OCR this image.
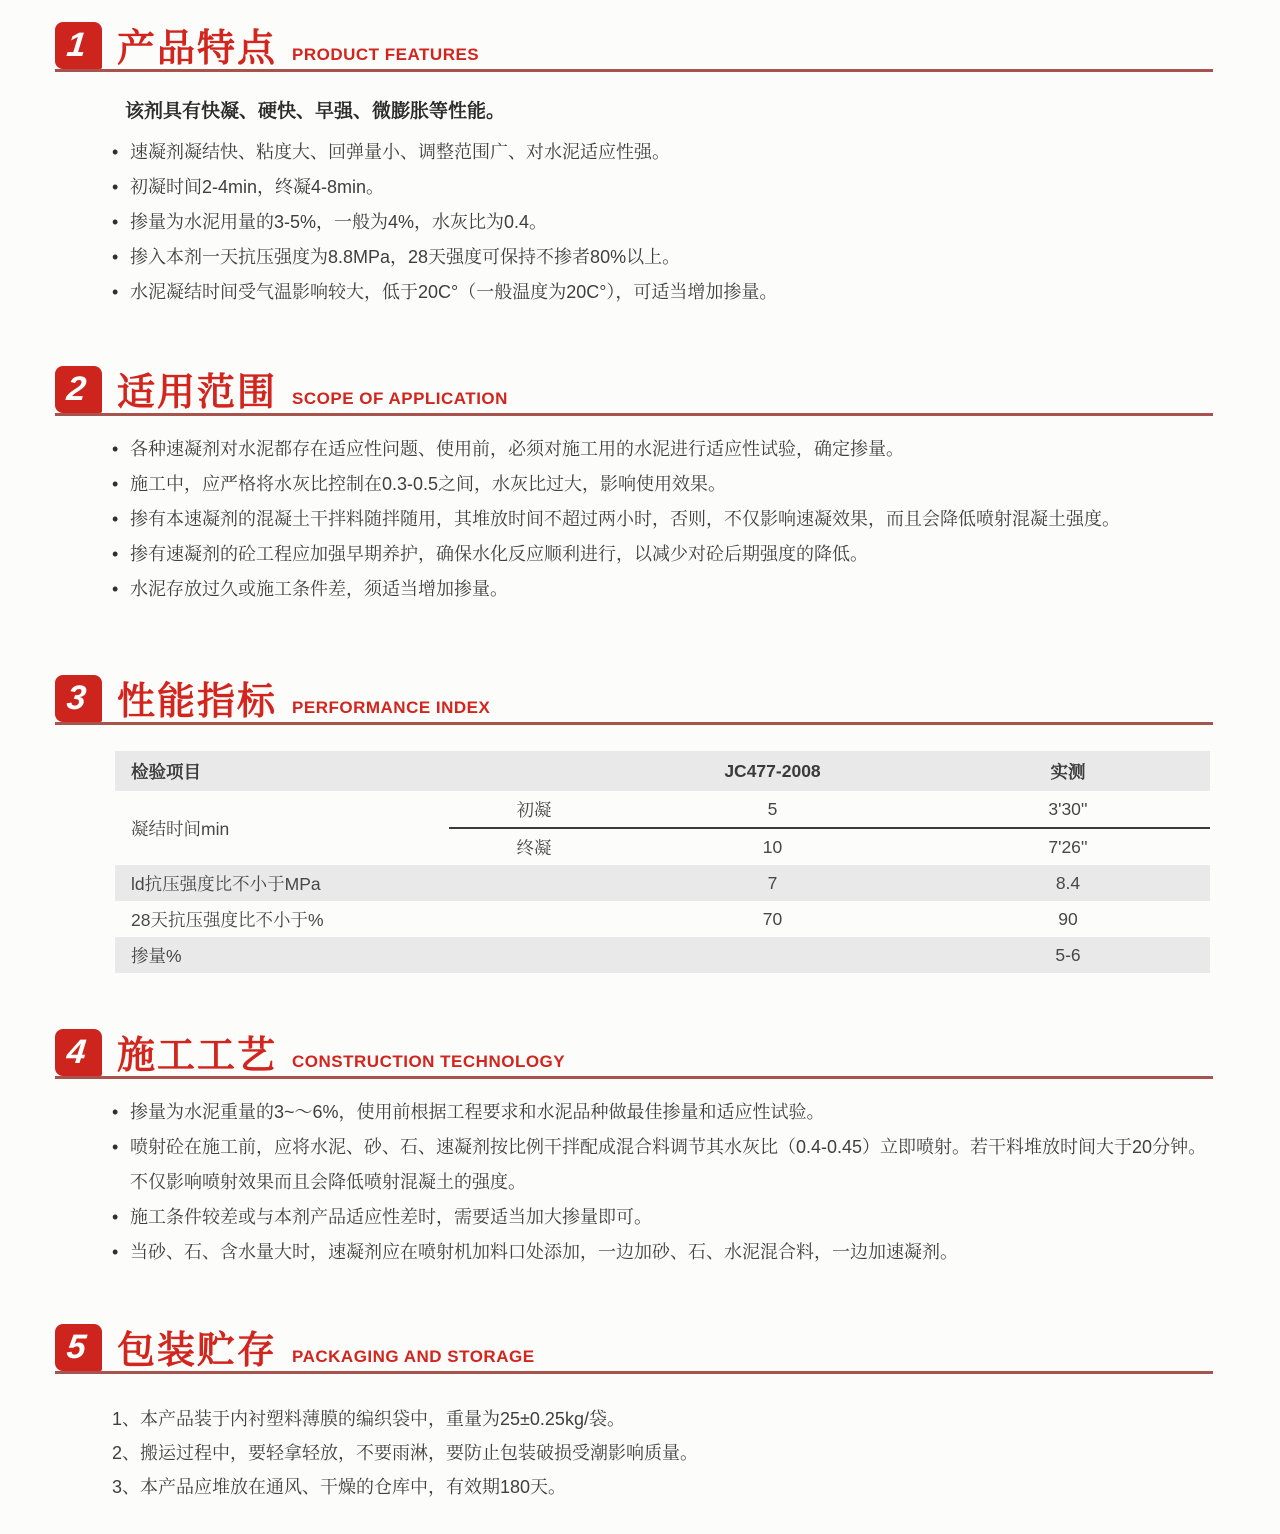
1 产品特点 PRODUCT FEATURES

该剂具有快凝、硬快、早强、微膨胀等性能。

• 速凝剂凝结快、粘度大、回弹量小、调整范围广、对水泥适应性强。
• 初凝时间2-4min，终凝4-8min。
• 掺量为水泥用量的3-5%，一般为4%，水灰比为0.4。
• 掺入本剂一天抗压强度为8.8MPa，28天强度可保持不掺者80%以上。
• 水泥凝结时间受气温影响较大，低于20C°（一般温度为20C°），可适当增加掺量。
2 适用范围 SCOPE OF APPLICATION
• 各种速凝剂对水泥都存在适应性问题、使用前，必须对施工用的水泥进行适应性试验，确定掺量。
• 施工中，应严格将水灰比控制在0.3-0.5之间，水灰比过大，影响使用效果。
• 掺有本速凝剂的混凝土干拌料随拌随用，其堆放时间不超过两小时，否则，不仅影响速凝效果，而且会降低喷射混凝土强度。
• 掺有速凝剂的砼工程应加强早期养护，确保水化反应顺利进行，以减少对砼后期强度的降低。
• 水泥存放过久或施工条件差，须适当增加掺量。
3 性能指标 PERFORMANCE INDEX
检验项目		JC477-2008	实测
凝结时间min	初凝	5	3'30''
	终凝	10	7'26''
ld抗压强度比不小于MPa		7	8.4
28天抗压强度比不小于%		70	90
掺量%			5-6
4 施工工艺 CONSTRUCTION TECHNOLOGY
• 掺量为水泥重量的3~～6%，使用前根据工程要求和水泥品种做最佳掺量和适应性试验。
• 喷射砼在施工前，应将水泥、砂、石、速凝剂按比例干拌配成混合料调节其水灰比（0.4-0.45）立即喷射。若干料堆放时间大于20分钟。不仅影响喷射效果而且会降低喷射混凝土的强度。
• 施工条件较差或与本剂产品适应性差时，需要适当加大掺量即可。
• 当砂、石、含水量大时，速凝剂应在喷射机加料口处添加，一边加砂、石、水泥混合料，一边加速凝剂。
5 包装贮存 PACKAGING AND STORAGE
1、本产品装于内衬塑料薄膜的编织袋中，重量为25±0.25kg/袋。
2、搬运过程中，要轻拿轻放，不要雨淋，要防止包装破损受潮影响质量。
3、本产品应堆放在通风、干燥的仓库中，有效期180天。
